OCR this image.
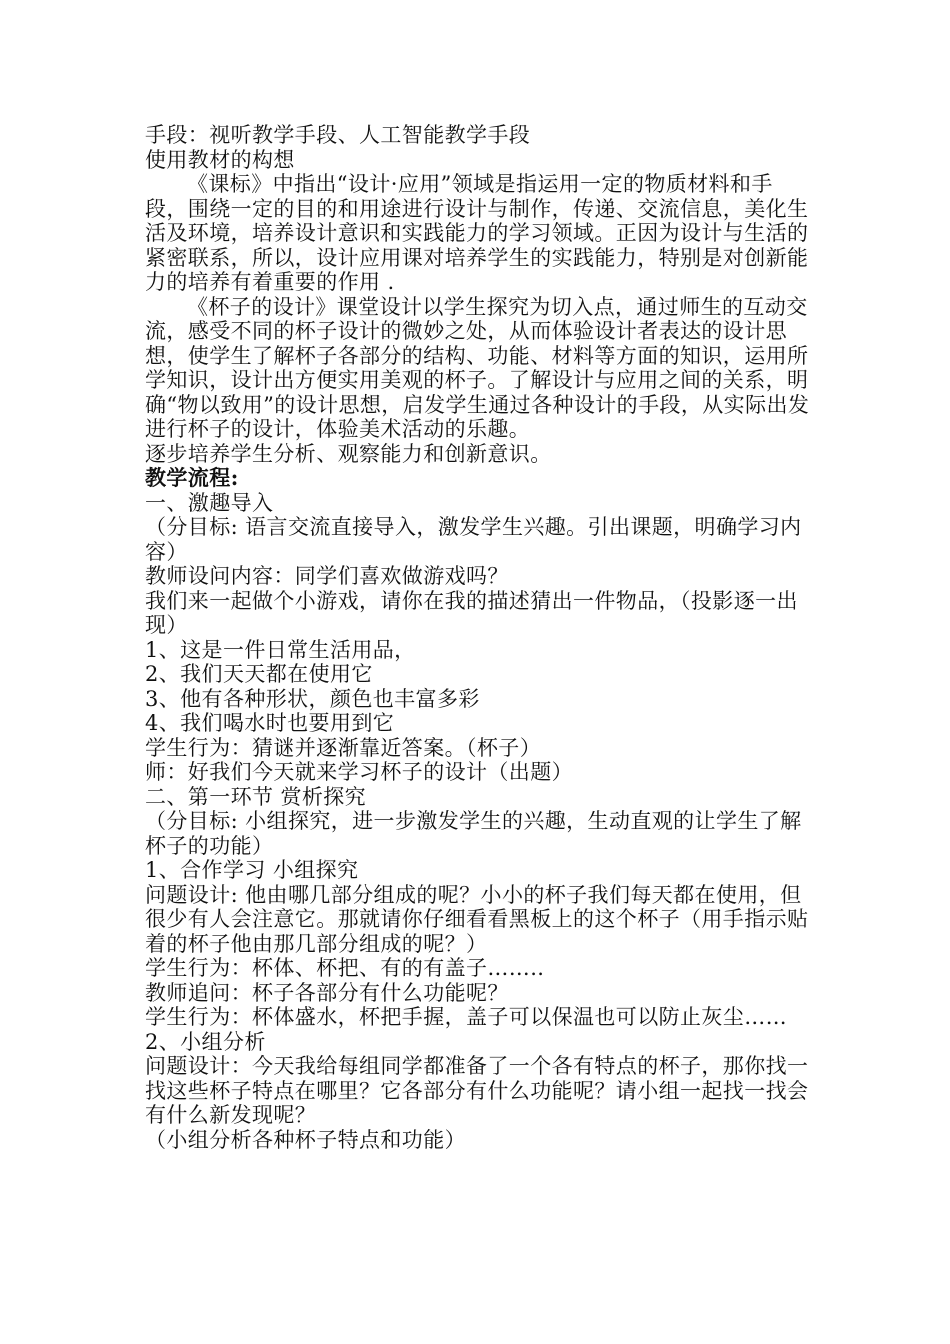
手段：视听教学手段、人工智能教学手段

使用教材的构想

《课标》中指出“设计·应用”领域是指运用一定的物质材料和手段，围绕一定的目的和用途进行设计与制作，传递、交流信息，美化生活及环境，培养设计意识和实践能力的学习领域。正因为设计与生活的紧密联系，所以，设计应用课对培养学生的实践能力，特别是对创新能力的培养有着重要的作用 .

《杯子的设计》课堂设计以学生探究为切入点，通过师生的互动交流，感受不同的杯子设计的微妙之处，从而体验设计者表达的设计思想，使学生了解杯子各部分的结构、功能、材料等方面的知识，运用所学知识，设计出方便实用美观的杯子。了解设计与应用之间的关系，明确“物以致用”的设计思想，启发学生通过各种设计的手段，从实际出发进行杯子的设计，体验美术活动的乐趣。

逐步培养学生分析、观察能力和创新意识。

教学流程:

一、激趣导入

（分目标: 语言交流直接导入，激发学生兴趣。引出课题，明确学习内容）

教师设问内容：同学们喜欢做游戏吗？

我们来一起做个小游戏，请你在我的描述猜出一件物品，（投影逐一出现）

1、这是一件日常生活用品，

2、我们天天都在使用它

3、他有各种形状，颜色也丰富多彩

4、我们喝水时也要用到它

学生行为：猜谜并逐渐靠近答案。（杯子）

师：好我们今天就来学习杯子的设计（出题）

二、第一环节 赏析探究

（分目标: 小组探究，进一步激发学生的兴趣，生动直观的让学生了解杯子的功能）

1、合作学习 小组探究

问题设计: 他由哪几部分组成的呢？小小的杯子我们每天都在使用，但很少有人会注意它。那就请你仔细看看黑板上的这个杯子（用手指示贴着的杯子他由那几部分组成的呢？）

学生行为：杯体、杯把、有的有盖子……..

教师追问：杯子各部分有什么功能呢？

学生行为：杯体盛水，杯把手握，盖子可以保温也可以防止灰尘……

2、小组分析

问题设计：今天我给每组同学都准备了一个各有特点的杯子，那你找一找这些杯子特点在哪里？它各部分有什么功能呢？请小组一起找一找会有什么新发现呢？

（小组分析各种杯子特点和功能）
